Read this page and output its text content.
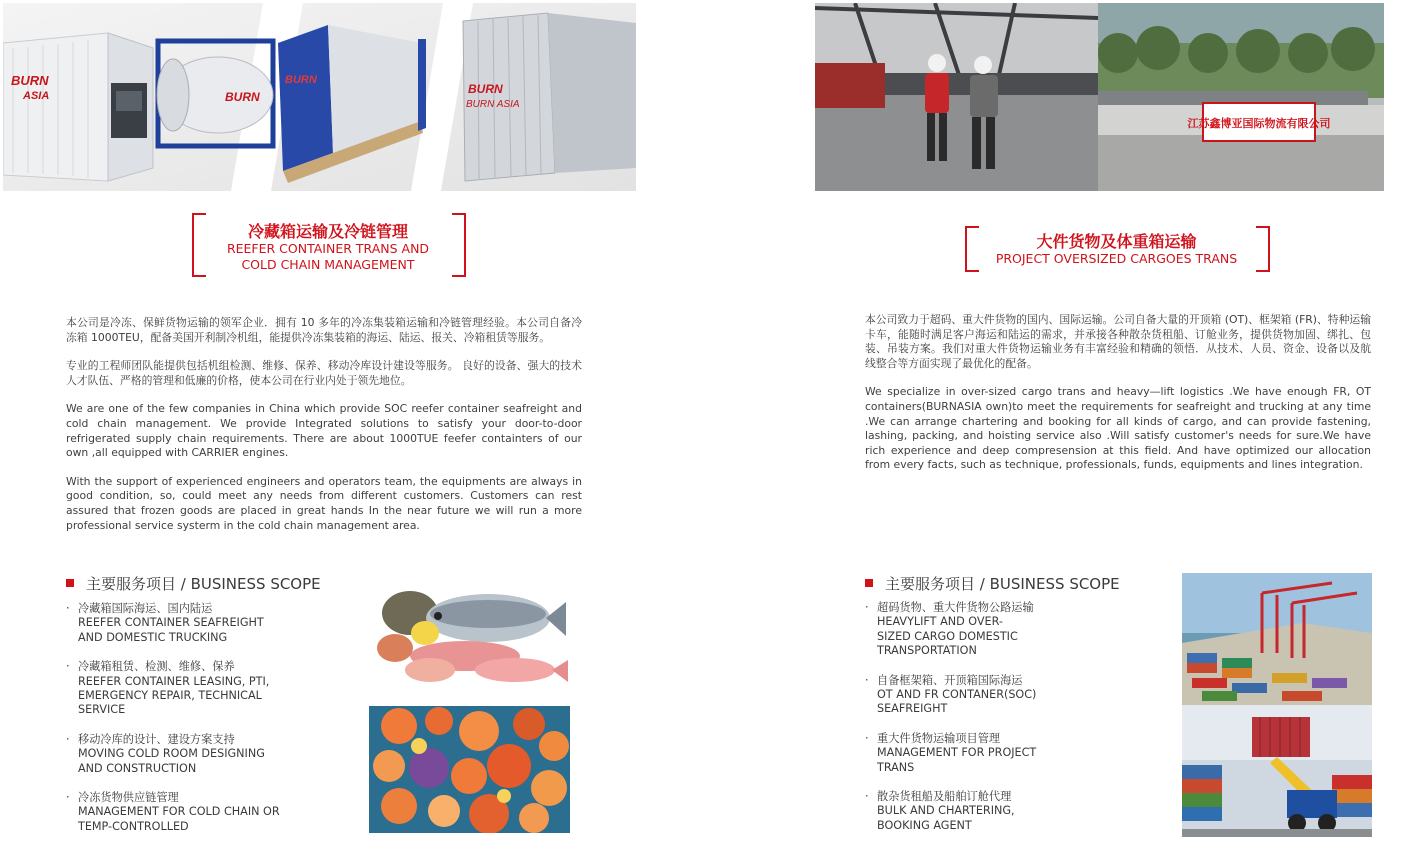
BURN
ASIA	BURN
BURN
BURN
BURN ASIA
冷藏箱运输及冷链管理
REEFER CONTAINER TRANS AND
COLD CHAIN MANAGEMENT

本公司是冷冻、保鲜货物运输的领军企业．拥有 10 多年的冷冻集装箱运输和冷链管理经验。本公司自备冷冻箱 1000TEU，配备美国开利制冷机组，能提供冷冻集装箱的海运、陆运、报关、冷箱租赁等服务。

专业的工程师团队能提供包括机组检测、维修、保养、移动冷库设计建设等服务。 良好的设备、强大的技术人才队伍、严格的管理和低廉的价格，使本公司在行业内处于领先地位。

We are one of the few companies in China which provide SOC reefer container seafreight and cold chain management. We provide Integrated solutions to satisfy your door-to-door refrigerated supply chain requirements. There are about 1000TUE feefer containters of our own ,all equipped with CARRIER engines.

With the support of experienced engineers and operators team, the equipments are always in good condition, so, could meet any needs from different customers. Customers can rest assured that frozen goods are placed in great hands In the near future we will run a more professional service systerm in the cold chain management area.

主要服务项目 / BUSINESS SCOPE
· 冷藏箱国际海运、国内陆运
REEFER CONTAINER SEAFREIGHT
AND DOMESTIC TRUCKING
· 冷藏箱租赁、检测、维修、保养
REEFER CONTAINER LEASING, PTI,
EMERGENCY REPAIR, TECHNICAL
SERVICE
· 移动冷库的设计、建设方案支持
MOVING COLD ROOM DESIGNING
AND CONSTRUCTION
· 冷冻货物供应链管理
MANAGEMENT FOR COLD CHAIN OR
TEMP-CONTROLLED
江苏鑫博亚国际物流有限公司
大件货物及体重箱运输
PROJECT OVERSIZED CARGOES TRANS

本公司致力于超码、重大件货物的国内、国际运输。公司自备大量的开顶箱 (OT)、框架箱 (FR)、特种运输卡车，能随时满足客户海运和陆运的需求，并承接各种散杂货租船、订舱业务，提供货物加固、绑扎、包装、吊装方案。我们对重大件货物运输业务有丰富经验和精确的领悟．从技术、人员、资金、设备以及航线整合等方面实现了最优化的配备。

We specialize in over-sized cargo trans and heavy—lift logistics .We have enough FR, OT containers(BURNASIA own)to meet the requirements for seafreight and trucking at any time .We can arrange chartering and booking for all kinds of cargo, and can provide fastening, lashing, packing, and hoisting service also .Will satisfy customer's needs for sure.We have rich experience and deep compresension at this field. And have optimized our allocation from every facts, such as technique, professionals, funds, equipments and lines integration.

主要服务项目 / BUSINESS SCOPE
· 超码货物、重大件货物公路运输
HEAVYLIFT AND OVER-
SIZED CARGO DOMESTIC
TRANSPORTATION
· 自备框架箱、开顶箱国际海运
OT AND FR CONTANER(SOC)
SEAFREIGHT
· 重大件货物运输项目管理
MANAGEMENT FOR PROJECT
TRANS
· 散杂货租船及船舶订舱代理
BULK AND CHARTERING,
BOOKING AGENT
